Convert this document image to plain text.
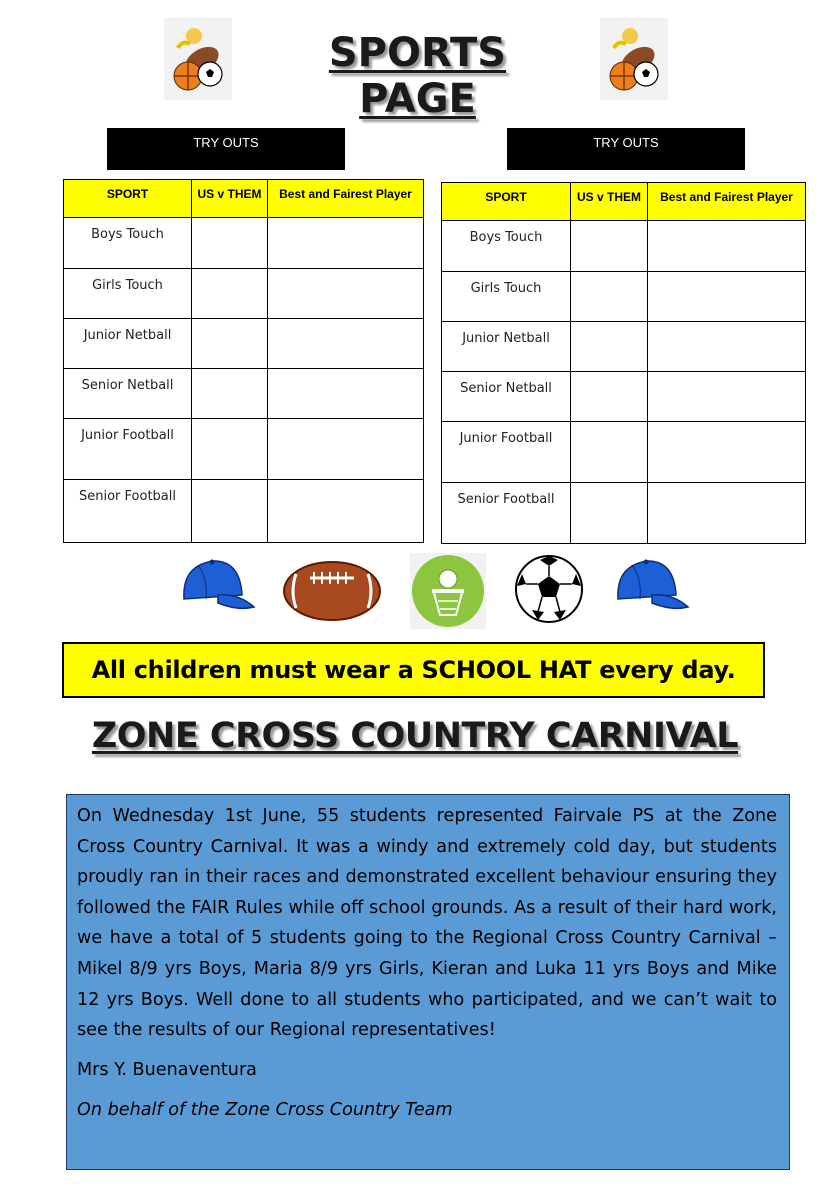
SPORTS PAGE
TRY OUTS
SPORT	US v THEM	Best and Fairest Player
Boys Touch		
Girls Touch		
Junior Netball		
Senior Netball		
Junior Football		
Senior Football		
TRY OUTS
SPORT	US v THEM	Best and Fairest Player
Boys Touch		
Girls Touch		
Junior Netball		
Senior Netball		
Junior Football		
Senior Football		
All children must wear a SCHOOL HAT every day.
ZONE CROSS COUNTRY CARNIVAL

On Wednesday 1st June, 55 students represented Fairvale PS at the Zone Cross Country Carnival. It was a windy and extremely cold day, but students proudly ran in their races and demonstrated excellent behaviour ensuring they followed the FAIR Rules while off school grounds. As a result of their hard work, we have a total of 5 students going to the Regional Cross Country Carnival – Mikel 8/9 yrs Boys, Maria 8/9 yrs Girls, Kieran and Luka 11 yrs Boys and Mike 12 yrs Boys. Well done to all students who participated, and we can’t wait to see the results of our Regional representatives!

Mrs Y. Buenaventura

On behalf of the Zone Cross Country Team
